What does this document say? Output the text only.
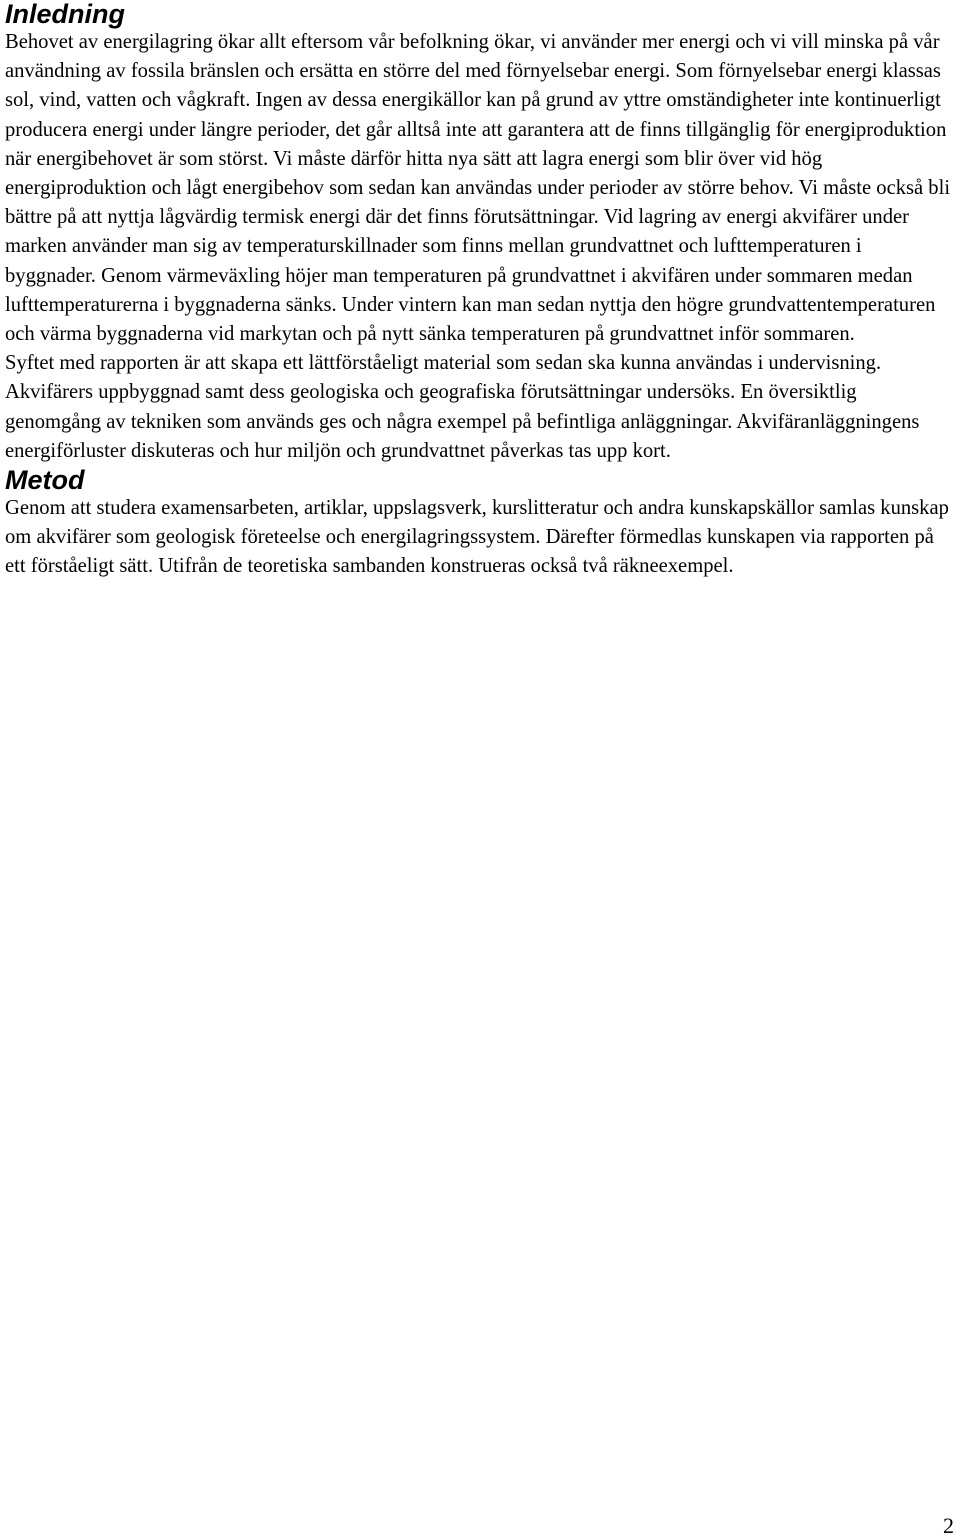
Inledning

Behovet av energilagring ökar allt eftersom vår befolkning ökar, vi använder mer energi och vi vill minska på vår användning av fossila bränslen och ersätta en större del med förnyelsebar energi. Som förnyelsebar energi klassas sol, vind, vatten och vågkraft. Ingen av dessa energikällor kan på grund av yttre omständigheter inte kontinuerligt producera energi under längre perioder, det går alltså inte att garantera att de finns tillgänglig för energiproduktion när energibehovet är som störst. Vi måste därför hitta nya sätt att lagra energi som blir över vid hög energiproduktion och lågt energibehov som sedan kan användas under perioder av större behov. Vi måste också bli bättre på att nyttja lågvärdig termisk energi där det finns förutsättningar. Vid lagring av energi akvifärer under marken använder man sig av temperaturskillnader som finns mellan grundvattnet och lufttemperaturen i byggnader. Genom värmeväxling höjer man temperaturen på grundvattnet i akvifären under sommaren medan lufttemperaturerna i byggnaderna sänks. Under vintern kan man sedan nyttja den högre grundvattentemperaturen och värma byggnaderna vid markytan och på nytt sänka temperaturen på grundvattnet inför sommaren.

Syftet med rapporten är att skapa ett lättförståeligt material som sedan ska kunna användas i undervisning. Akvifärers uppbyggnad samt dess geologiska och geografiska förutsättningar undersöks. En översiktlig genomgång av tekniken som används ges och några exempel på befintliga anläggningar. Akvifäranläggningens energiförluster diskuteras och hur miljön och grundvattnet påverkas tas upp kort.

Metod

Genom att studera examensarbeten, artiklar, uppslagsverk, kurslitteratur och andra kunskapskällor samlas kunskap om akvifärer som geologisk företeelse och energilagringssystem. Därefter förmedlas kunskapen via rapporten på ett förståeligt sätt. Utifrån de teoretiska sambanden konstrueras också två räkneexempel.

2
